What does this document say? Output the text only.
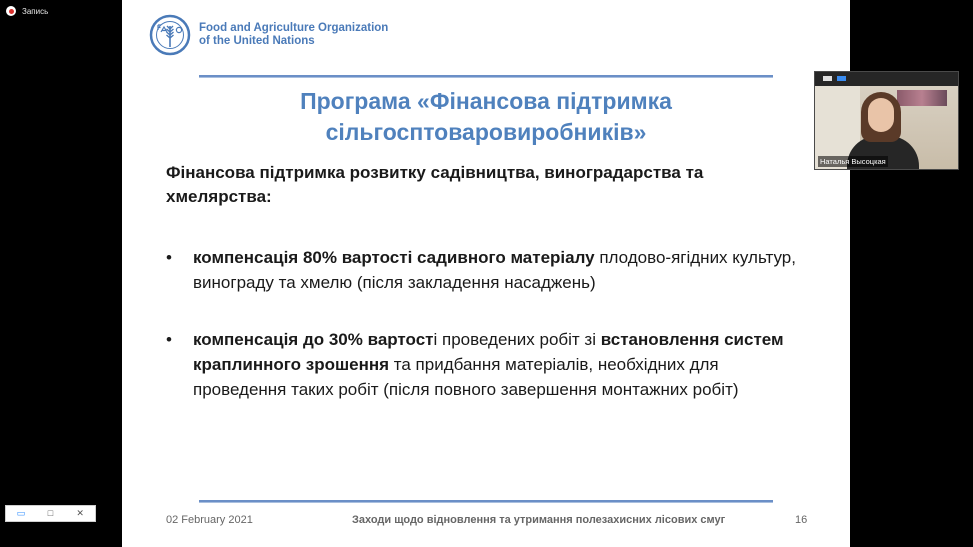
Запись
Food and Agriculture Organization
of the United Nations
Програма «Фінансова підтримка
сільгосптоваровиробників»
Фінансова підтримка розвитку садівництва, виноградарства та
хмелярства:
•	компенсація 80% вартості садивного матеріалу плодово-ягідних культур, винограду та хмелю (після закладення насаджень)
•	компенсація до 30% вартості проведених робіт зі встановлення систем краплинного зрошення та придбання матеріалів, необхідних для проведення таких робіт (після повного завершення монтажних робіт)
02 February 2021	Заходи щодо відновлення та утримання полезахисних лісових смуг	16
Наталья Высоцкая
▭	□	✕
